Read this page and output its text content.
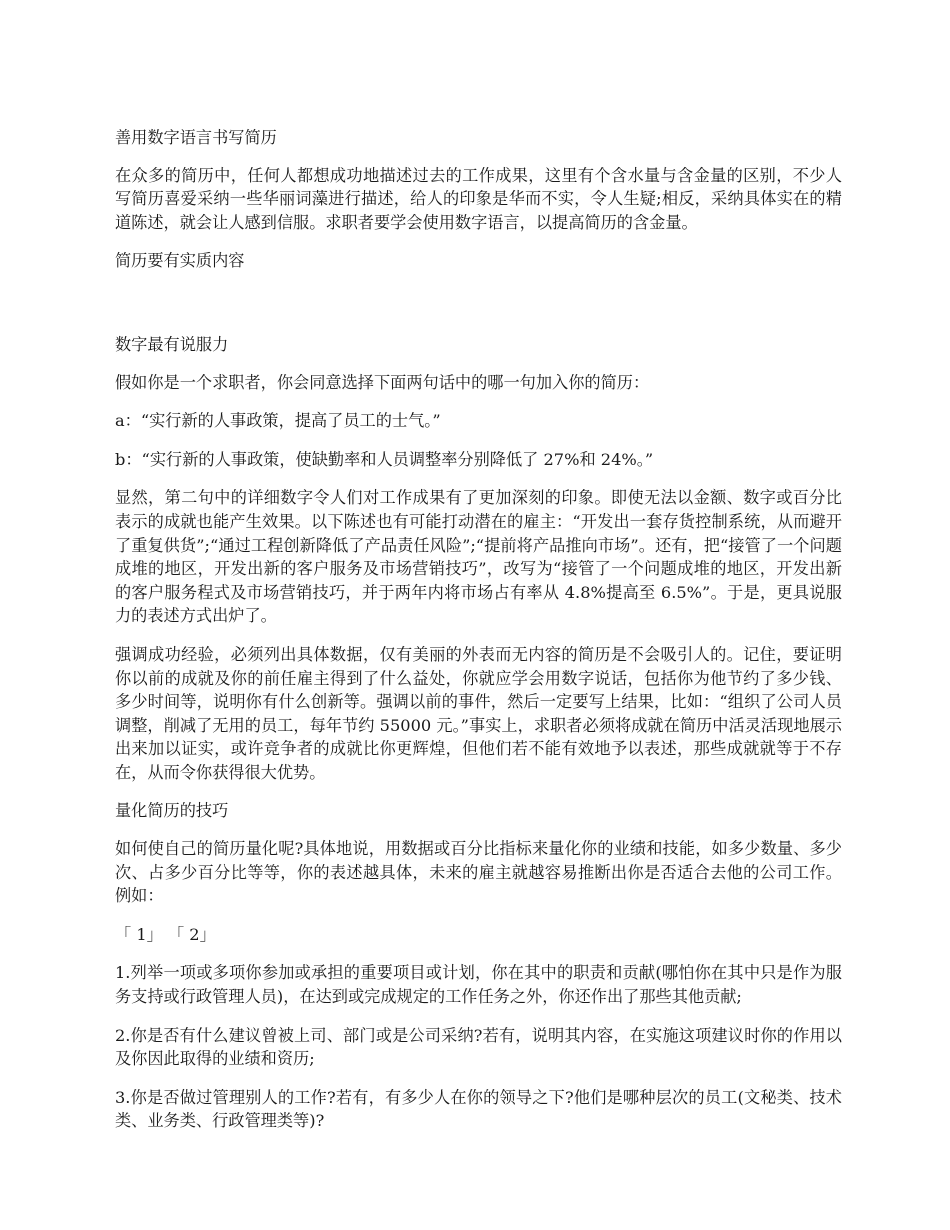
善用数字语言书写简历

在众多的简历中，任何人都想成功地描述过去的工作成果，这里有个含水量与含金量的区别，不少人写简历喜爱采纳一些华丽词藻进行描述，给人的印象是华而不实，令人生疑;相反，采纳具体实在的精道陈述，就会让人感到信服。求职者要学会使用数字语言，以提高简历的含金量。

简历要有实质内容

数字最有说服力

假如你是一个求职者，你会同意选择下面两句话中的哪一句加入你的简历：

a：“实行新的人事政策，提高了员工的士气。”

b：“实行新的人事政策，使缺勤率和人员调整率分别降低了 27%和 24%。”

显然，第二句中的详细数字令人们对工作成果有了更加深刻的印象。即使无法以金额、数字或百分比表示的成就也能产生效果。以下陈述也有可能打动潜在的雇主：“开发出一套存货控制系统，从而避开了重复供货”;“通过工程创新降低了产品责任风险”;“提前将产品推向市场”。还有，把“接管了一个问题成堆的地区，开发出新的客户服务及市场营销技巧”，改写为“接管了一个问题成堆的地区，开发出新的客户服务程式及市场营销技巧，并于两年内将市场占有率从 4.8%提高至 6.5%”。于是，更具说服力的表述方式出炉了。

强调成功经验，必须列出具体数据，仅有美丽的外表而无内容的简历是不会吸引人的。记住，要证明你以前的成就及你的前任雇主得到了什么益处，你就应学会用数字说话，包括你为他节约了多少钱、多少时间等，说明你有什么创新等。强调以前的事件，然后一定要写上结果，比如：“组织了公司人员调整，削减了无用的员工，每年节约 55000 元。”事实上，求职者必须将成就在简历中活灵活现地展示出来加以证实，或许竞争者的成就比你更辉煌，但他们若不能有效地予以表述，那些成就就等于不存在，从而令你获得很大优势。

量化简历的技巧

如何使自己的简历量化呢?具体地说，用数据或百分比指标来量化你的业绩和技能，如多少数量、多少次、占多少百分比等等，你的表述越具体，未来的雇主就越容易推断出你是否适合去他的公司工作。例如：

「 1」 「 2」

1.列举一项或多项你参加或承担的重要项目或计划，你在其中的职责和贡献(哪怕你在其中只是作为服务支持或行政管理人员)，在达到或完成规定的工作任务之外，你还作出了那些其他贡献;

2.你是否有什么建议曾被上司、部门或是公司采纳?若有，说明其内容，在实施这项建议时你的作用以及你因此取得的业绩和资历;

3.你是否做过管理别人的工作?若有，有多少人在你的领导之下?他们是哪种层次的员工(文秘类、技术类、业务类、行政管理类等)?
